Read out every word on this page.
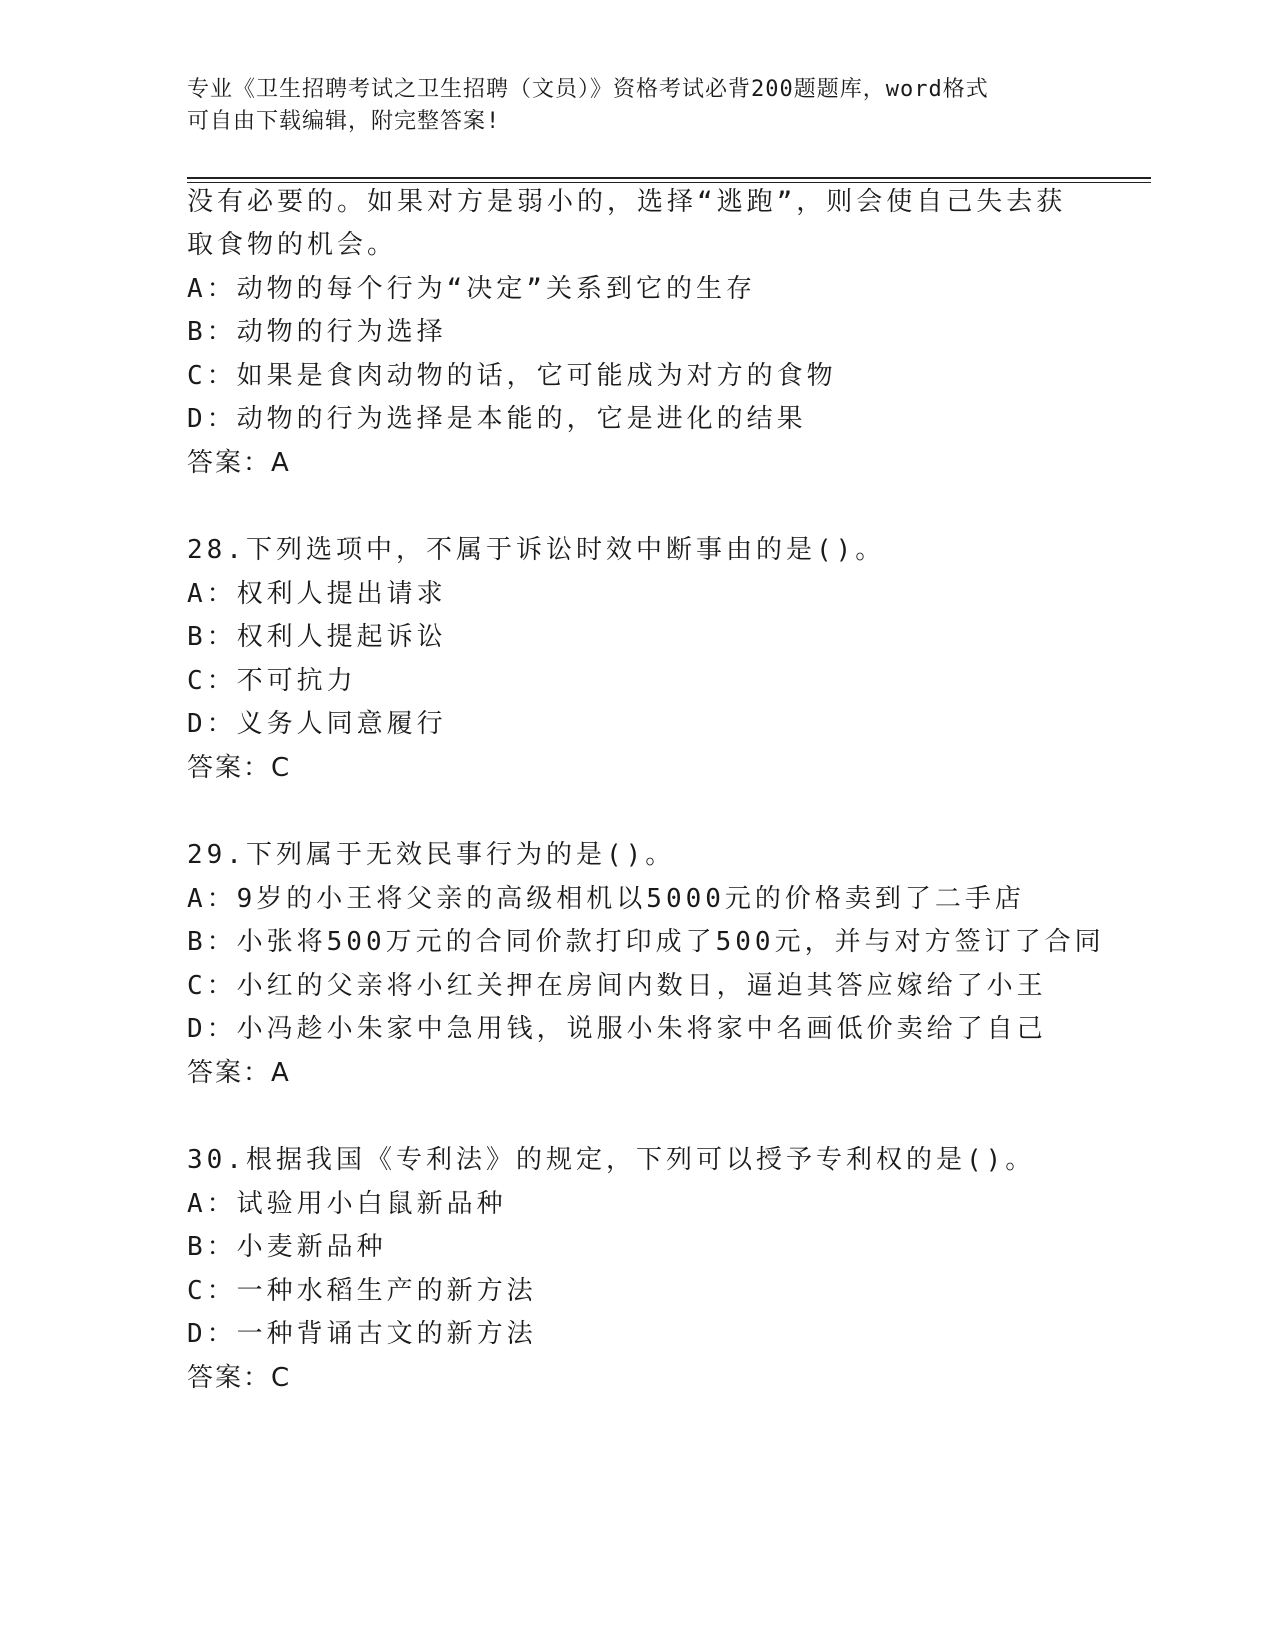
专业《卫生招聘考试之卫生招聘（文员）》资格考试必背200题题库，word格式
可自由下载编辑，附完整答案!
没有必要的。如果对方是弱小的，选择“逃跑”，则会使自己失去获
取食物的机会。
A：动物的每个行为“决定”关系到它的生存
B：动物的行为选择
C：如果是食肉动物的话，它可能成为对方的食物
D：动物的行为选择是本能的，它是进化的结果
答案：A
28.下列选项中，不属于诉讼时效中断事由的是()。
A：权利人提出请求
B：权利人提起诉讼
C：不可抗力
D：义务人同意履行
答案：C
29.下列属于无效民事行为的是()。
A：9岁的小王将父亲的高级相机以5000元的价格卖到了二手店
B：小张将500万元的合同价款打印成了500元，并与对方签订了合同
C：小红的父亲将小红关押在房间内数日，逼迫其答应嫁给了小王
D：小冯趁小朱家中急用钱，说服小朱将家中名画低价卖给了自己
答案：A
30.根据我国《专利法》的规定，下列可以授予专利权的是()。
A：试验用小白鼠新品种
B：小麦新品种
C：一种水稻生产的新方法
D：一种背诵古文的新方法
答案：C
